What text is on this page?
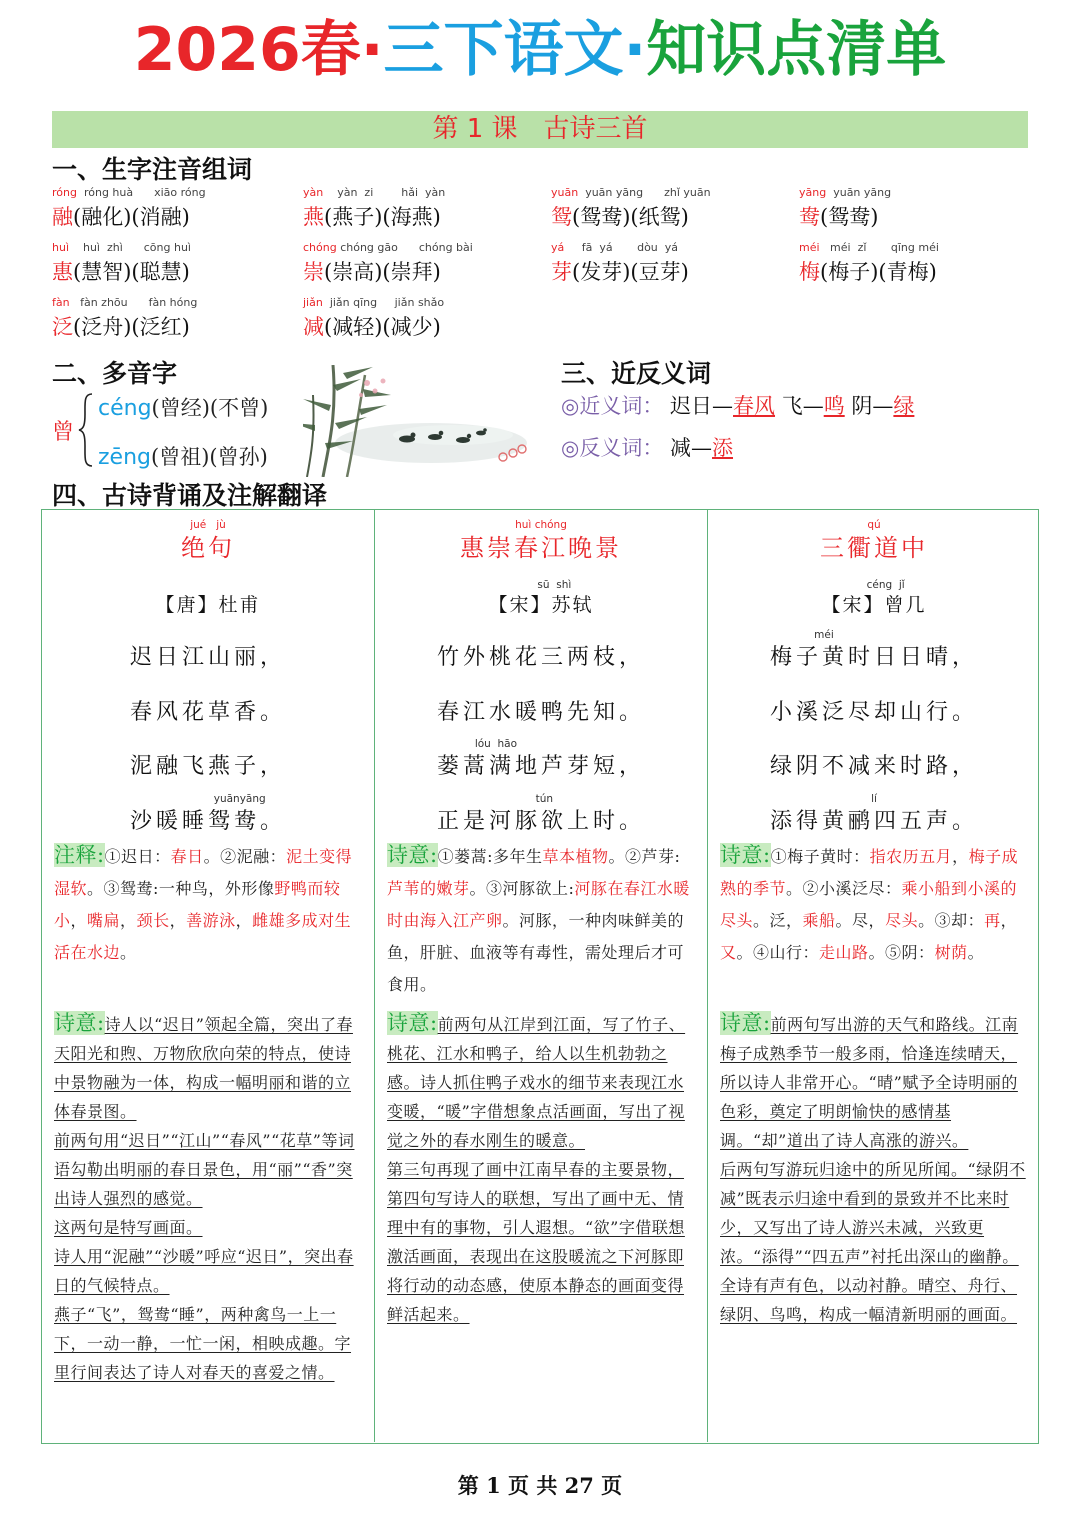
2026春·三下语文·知识点清单
第 1 课　古诗三首
一、生字注音组词
róng  róng huà      xiāo róng
融(融化)(消融)
yàn    yàn  zi        hǎi  yàn
燕(燕子)(海燕)
yuān  yuān yāng      zhǐ yuān
鸳(鸳鸯)(纸鸳)
yāng  yuān yāng
鸯(鸳鸯)
huì    huì  zhì      cōng huì
惠(慧智)(聪慧)
chóng chóng gāo      chóng bài
崇(崇高)(崇拜)
yá     fā  yá       dòu  yá
芽(发芽)(豆芽)
méi   méi  zǐ       qīng méi
梅(梅子)(青梅)
fàn   fàn zhōu      fàn hóng
泛(泛舟)(泛红)
jiǎn  jiǎn qīng     jiǎn shǎo
减(减轻)(减少)
二、多音字
曾
céng(曾经)(不曾)
zēng(曾祖)(曾孙)
三、近反义词
◎近义词： 迟日—春风 飞—鸣 阴—绿
◎反义词： 减—添
四、古诗背诵及注解翻译
jué   jù
绝句
【唐】杜甫
迟日江山丽，
春风花草香。
泥融飞燕子，
yuānyāng
沙暖睡鸳鸯。
注释:①迟日：春日。②泥融：泥土变得湿软。③鸳鸯:一种鸟，外形像野鸭而较小，嘴扁，颈长，善游泳，雌雄多成对生活在水边。
诗意:诗人以“迟日”领起全篇，突出了春天阳光和煦、万物欣欣向荣的特点，使诗中景物融为一体，构成一幅明丽和谐的立体春景图。
前两句用“迟日”“江山”“春风”“花草”等词语勾勒出明丽的春日景色，用“丽”“香”突出诗人强烈的感觉。
这两句是特写画面。
诗人用“泥融”“沙暖”呼应“迟日”，突出春日的气候特点。
燕子“飞”，鸳鸯“睡”，两种禽鸟一上一下，一动一静，一忙一闲，相映成趣。字里行间表达了诗人对春天的喜爱之情。
huì chóng
惠崇春江晚景
sū  shì
【宋】苏轼
竹外桃花三两枝，
春江水暖鸭先知。
lóu  hāo
蒌蒿满地芦芽短，
tún
正是河豚欲上时。
诗意:①蒌蒿:多年生草本植物。②芦芽:芦苇的嫩芽。③河豚欲上:河豚在春江水暖时由海入江产卵。河豚，一种肉味鲜美的鱼，肝脏、血液等有毒性，需处理后才可食用。
诗意:前两句从江岸到江面，写了竹子、桃花、江水和鸭子，给人以生机勃勃之感。诗人抓住鸭子戏水的细节来表现江水变暖，“暖”字借想象点活画面，写出了视觉之外的春水刚生的暖意。
第三句再现了画中江南早春的主要景物，第四句写诗人的联想，写出了画中无、情理中有的事物，引人遐想。“欲”字借联想激活画面，表现出在这股暖流之下河豚即将行动的动态感，使原本静态的画面变得鲜活起来。
qú
三衢道中
céng  jǐ
【宋】曾几
méi
梅子黄时日日晴，
小溪泛尽却山行。
绿阴不减来时路，
lí
添得黄鹂四五声。
诗意:①梅子黄时：指农历五月，梅子成熟的季节。②小溪泛尽：乘小船到小溪的尽头。泛，乘船。尽，尽头。③却：再，又。④山行：走山路。⑤阴：树荫。
诗意:前两句写出游的天气和路线。江南梅子成熟季节一般多雨，恰逢连续晴天，所以诗人非常开心。“晴”赋予全诗明丽的色彩，奠定了明朗愉快的感情基调。“却”道出了诗人高涨的游兴。
后两句写游玩归途中的所见所闻。“绿阴不减”既表示归途中看到的景致并不比来时少，又写出了诗人游兴未减，兴致更浓。“添得”“四五声”衬托出深山的幽静。全诗有声有色，以动衬静。晴空、舟行、绿阴、鸟鸣，构成一幅清新明丽的画面。
第 1 页 共 27 页
